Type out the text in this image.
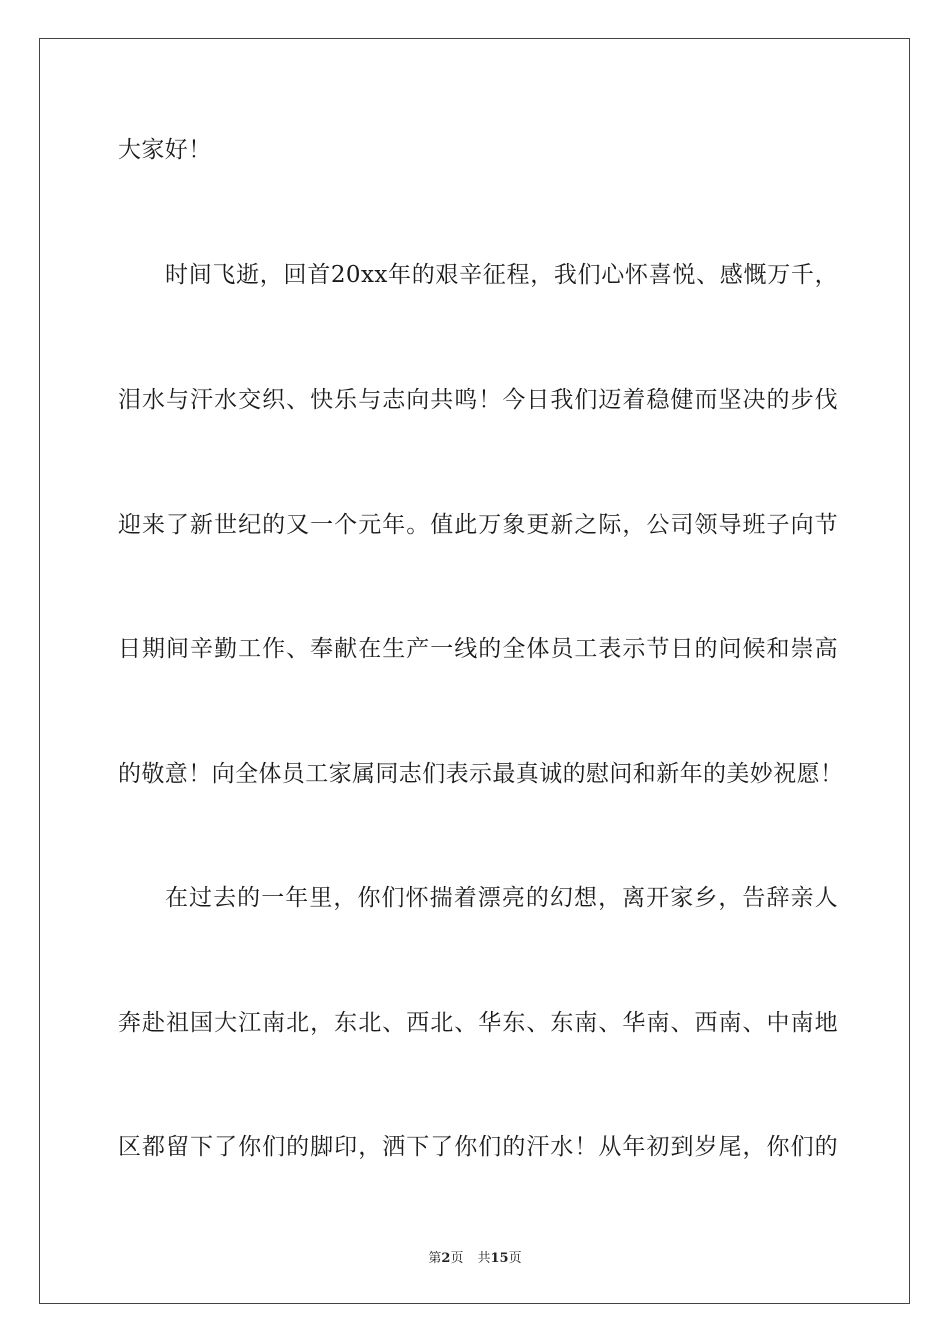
大家好！
时间飞逝，回首20xx年的艰辛征程，我们心怀喜悦、感慨万千，
泪水与汗水交织、快乐与志向共鸣！今日我们迈着稳健而坚决的步伐
迎来了新世纪的又一个元年。值此万象更新之际，公司领导班子向节
日期间辛勤工作、奉献在生产一线的全体员工表示节日的问候和崇高
的敬意！向全体员工家属同志们表示最真诚的慰问和新年的美妙祝愿！
在过去的一年里，你们怀揣着漂亮的幻想，离开家乡，告辞亲人
奔赴祖国大江南北，东北、西北、华东、东南、华南、西南、中南地
区都留下了你们的脚印，洒下了你们的汗水！从年初到岁尾，你们的
第2页 共15页
